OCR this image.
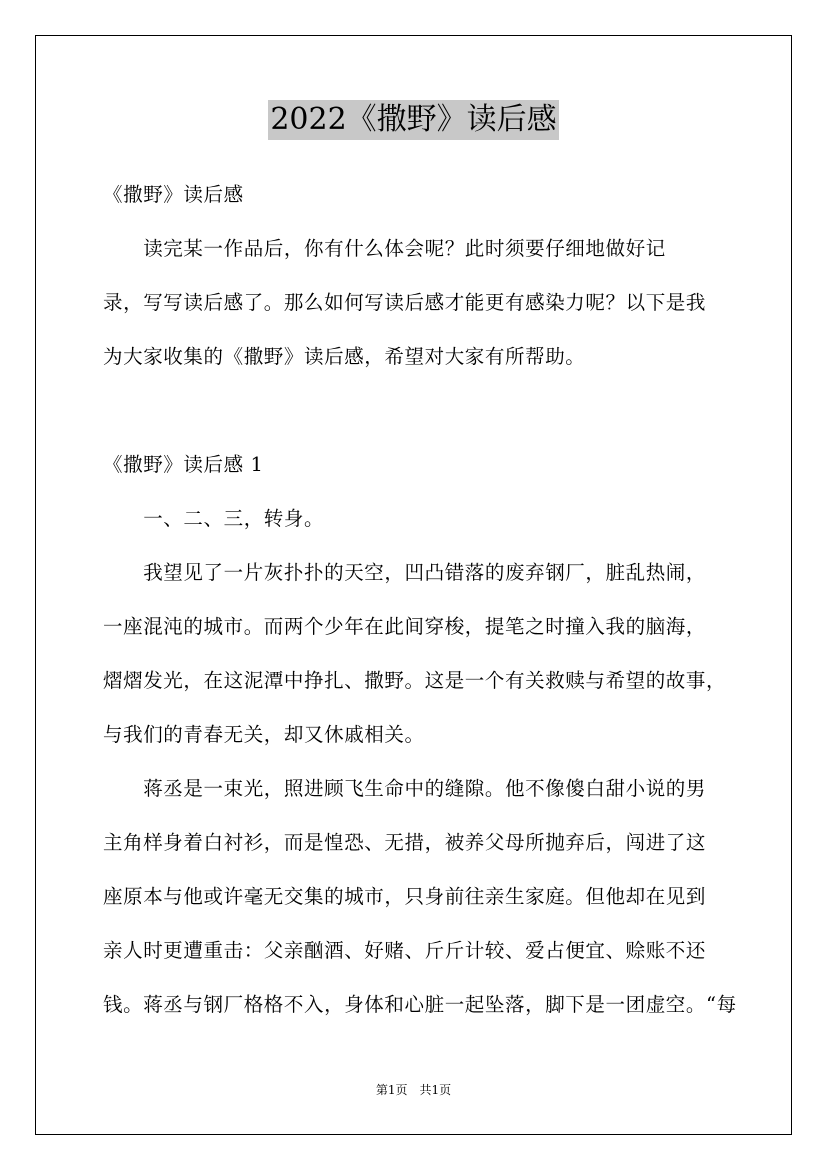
2022《撒野》读后感
《撒野》读后感
　　读完某一作品后，你有什么体会呢？此时须要仔细地做好记
录，写写读后感了。那么如何写读后感才能更有感染力呢？以下是我
为大家收集的《撒野》读后感，希望对大家有所帮助。
《撒野》读后感 1
　　一、二、三，转身。
　　我望见了一片灰扑扑的天空，凹凸错落的废弃钢厂，脏乱热闹，
一座混沌的城市。而两个少年在此间穿梭，提笔之时撞入我的脑海，
熠熠发光，在这泥潭中挣扎、撒野。这是一个有关救赎与希望的故事，
与我们的青春无关，却又休戚相关。
　　蒋丞是一束光，照进顾飞生命中的缝隙。他不像傻白甜小说的男
主角样身着白衬衫，而是惶恐、无措，被养父母所抛弃后，闯进了这
座原本与他或许毫无交集的城市，只身前往亲生家庭。但他却在见到
亲人时更遭重击：父亲酗酒、好赌、斤斤计较、爱占便宜、赊账不还
钱。蒋丞与钢厂格格不入，身体和心脏一起坠落，脚下是一团虚空。“每
第1页　共1页
